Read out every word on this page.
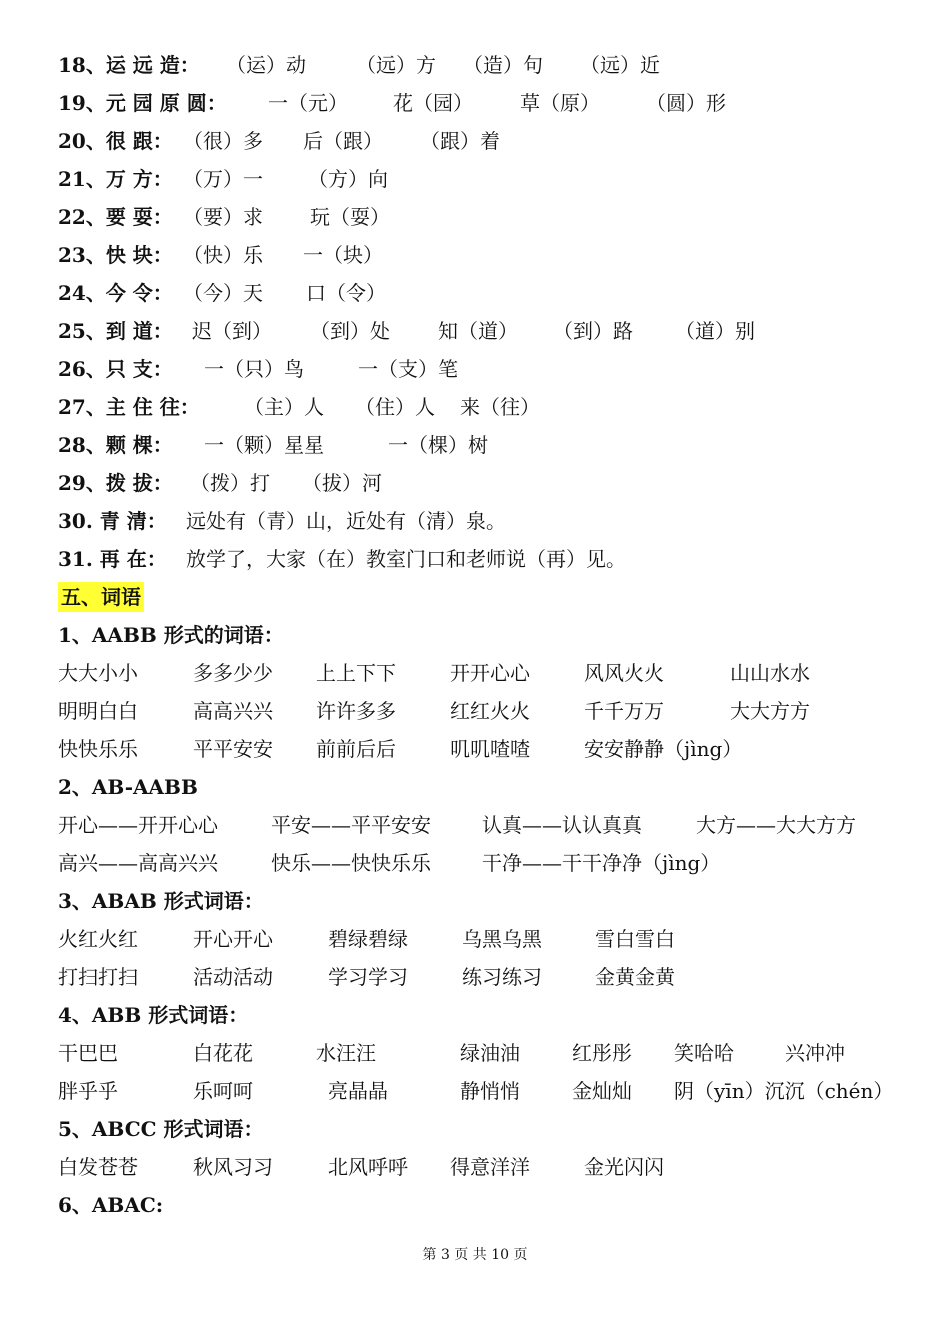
18、运 远 造： （运）动	（远）方 （造）句 （远）近
19、元 园 原 圆： 一（元） 花（园） 草（原） （圆）形
20、很 跟： （很）多 后（跟） （跟）着
21、万 方： （万）一 （方）向
22、要 耍： （要）求 玩（耍）
23、快 块： （快）乐 一（块）
24、今 令： （今）天 口（令）
25、到 道： 迟（到） （到）处 知（道） （到）路 （道）别
26、只 支： 一（只）鸟	一（支）笔
27、主 住 往： （主）人 （住）人 来（往）
28、颗 棵： 一（颗）星星	一（棵）树
29、拨 拔： （拨）打 （拔）河
30. 青 清： 远处有（青）山，近处有（清）泉。
31. 再 在： 放学了，大家（在）教室门口和老师说（再）见。
五、词语
1、AABB 形式的词语：
大大小小	多多少少 上上下下	开开心心	风风火火	山山水水
明明白白	高高兴兴 许许多多	红红火火	千千万万	大大方方
快快乐乐	平平安安 前前后后	叽叽喳喳	安安静静（jìng）
2、AB-AABB
开心——开开心心	平安——平平安安	认真——认认真真	大方——大大方方
高兴——高高兴兴	快乐——快快乐乐	干净——干干净净（jìng）
3、ABAB 形式词语：
火红火红	开心开心	碧绿碧绿	乌黑乌黑	雪白雪白
打扫打扫	活动活动	学习学习	练习练习	金黄金黄
4、ABB 形式词语：
干巴巴	白花花	水汪汪	绿油油	红彤彤 笑哈哈	兴冲冲
胖乎乎	乐呵呵	亮晶晶	静悄悄	金灿灿 阴（yīn）沉沉（chén）
5、ABCC 形式词语：
白发苍苍	秋风习习	北风呼呼 得意洋洋	金光闪闪
6、ABAC:
第 3 页 共 10 页
